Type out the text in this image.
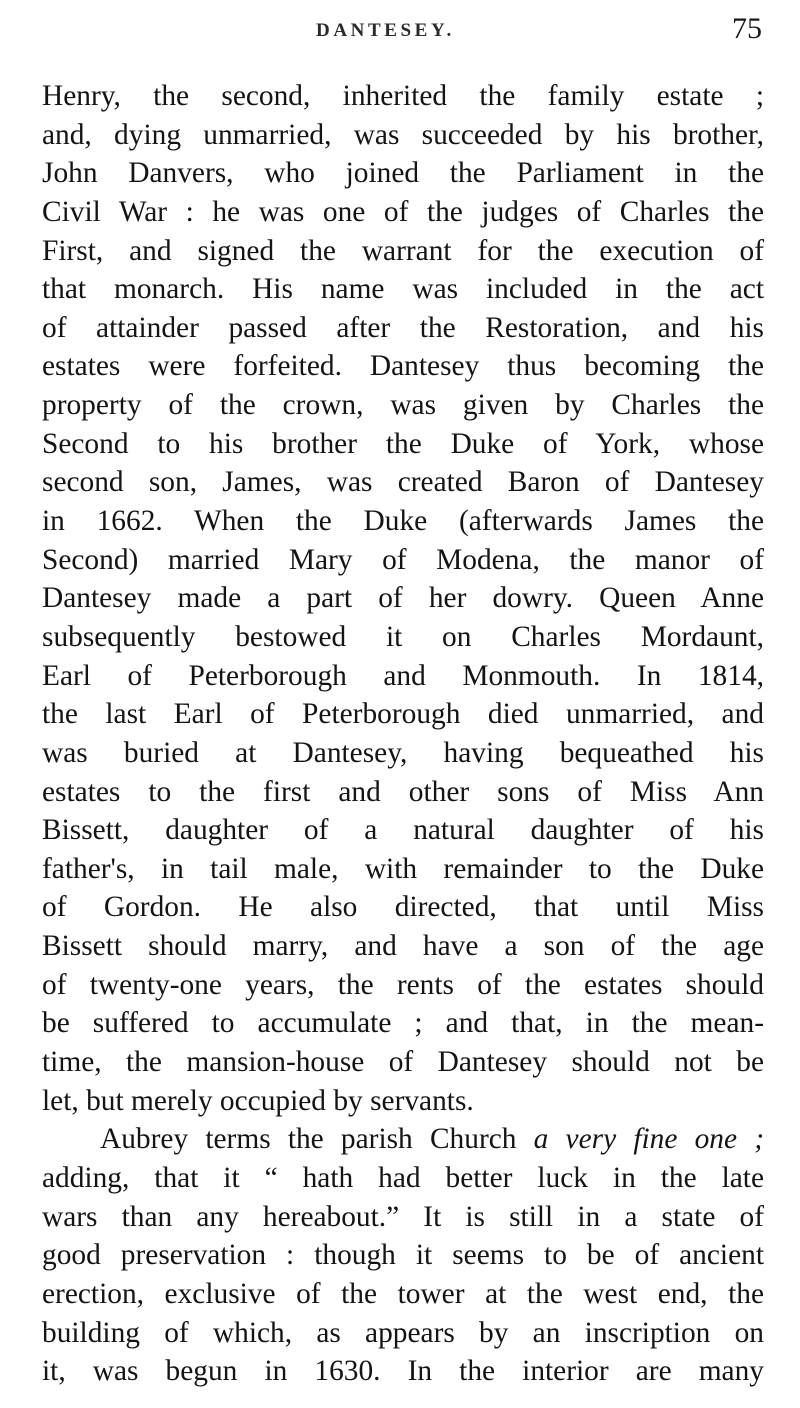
DANTESEY.	75
Henry, the second, inherited the family estate ;
and, dying unmarried, was succeeded by his brother,
John Danvers, who joined the Parliament in the
Civil War : he was one of the judges of Charles the
First, and signed the warrant for the execution of
that monarch. His name was included in the act
of attainder passed after the Restoration, and his
estates were forfeited. Dantesey thus becoming the
property of the crown, was given by Charles the
Second to his brother the Duke of York, whose
second son, James, was created Baron of Dantesey
in 1662. When the Duke (afterwards James the
Second) married Mary of Modena, the manor of
Dantesey made a part of her dowry. Queen Anne
subsequently bestowed it on Charles Mordaunt,
Earl of Peterborough and Monmouth. In 1814,
the last Earl of Peterborough died unmarried, and
was buried at Dantesey, having bequeathed his
estates to the first and other sons of Miss Ann
Bissett, daughter of a natural daughter of his
father's, in tail male, with remainder to the Duke
of Gordon. He also directed, that until Miss
Bissett should marry, and have a son of the age
of twenty-one years, the rents of the estates should
be suffered to accumulate ; and that, in the mean-
time, the mansion-house of Dantesey should not be
let, but merely occupied by servants.
Aubrey terms the parish Church a very fine one ;
adding, that it “ hath had better luck in the late
wars than any hereabout.” It is still in a state of
good preservation : though it seems to be of ancient
erection, exclusive of the tower at the west end, the
building of which, as appears by an inscription on
it, was begun in 1630. In the interior are many
